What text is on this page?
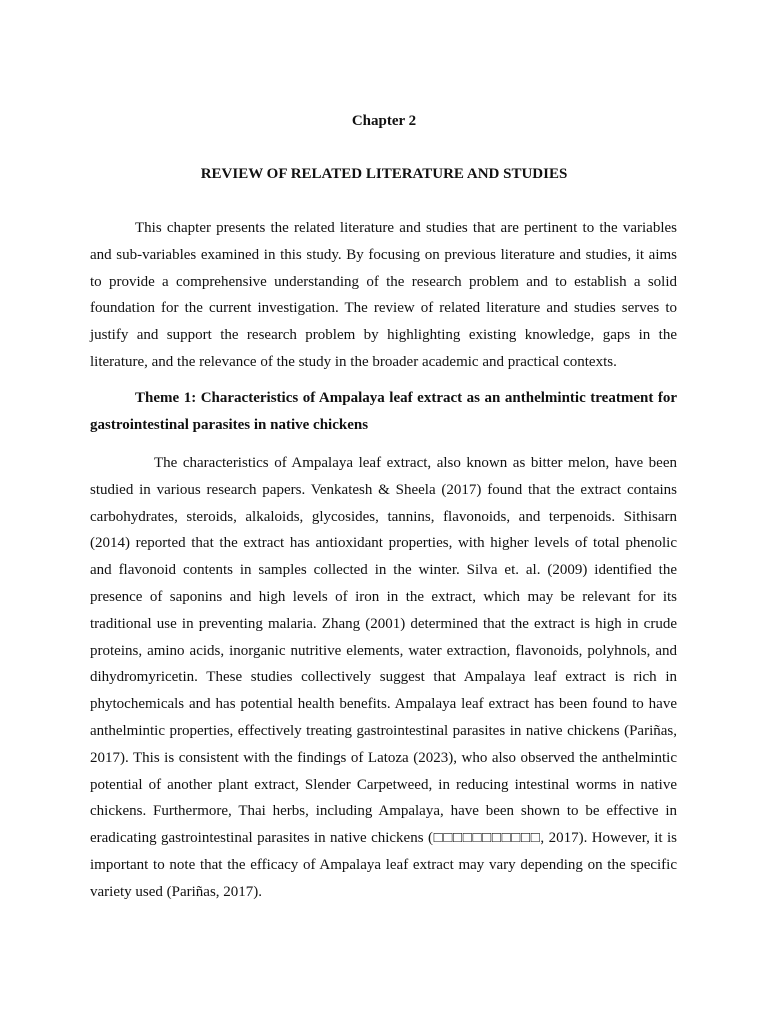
Chapter 2
REVIEW OF RELATED LITERATURE AND STUDIES

This chapter presents the related literature and studies that are pertinent to the variables and sub-variables examined in this study. By focusing on previous literature and studies, it aims to provide a comprehensive understanding of the research problem and to establish a solid foundation for the current investigation. The review of related literature and studies serves to justify and support the research problem by highlighting existing knowledge, gaps in the literature, and the relevance of the study in the broader academic and practical contexts.

Theme 1: Characteristics of Ampalaya leaf extract as an anthelmintic treatment for gastrointestinal parasites in native chickens

The characteristics of Ampalaya leaf extract, also known as bitter melon, have been studied in various research papers. Venkatesh & Sheela (2017) found that the extract contains carbohydrates, steroids, alkaloids, glycosides, tannins, flavonoids, and terpenoids. Sithisarn (2014) reported that the extract has antioxidant properties, with higher levels of total phenolic and flavonoid contents in samples collected in the winter. Silva et. al. (2009) identified the presence of saponins and high levels of iron in the extract, which may be relevant for its traditional use in preventing malaria. Zhang (2001) determined that the extract is high in crude proteins, amino acids, inorganic nutritive elements, water extraction, flavonoids, polyhnols, and dihydromyricetin. These studies collectively suggest that Ampalaya leaf extract is rich in phytochemicals and has potential health benefits. Ampalaya leaf extract has been found to have anthelmintic properties, effectively treating gastrointestinal parasites in native chickens (Pariñas, 2017). This is consistent with the findings of Latoza (2023), who also observed the anthelmintic potential of another plant extract, Slender Carpetweed, in reducing intestinal worms in native chickens. Furthermore, Thai herbs, including Ampalaya, have been shown to be effective in eradicating gastrointestinal parasites in native chickens (□□□□□□□□□□□, 2017). However, it is important to note that the efficacy of Ampalaya leaf extract may vary depending on the specific variety used (Pariñas, 2017).
